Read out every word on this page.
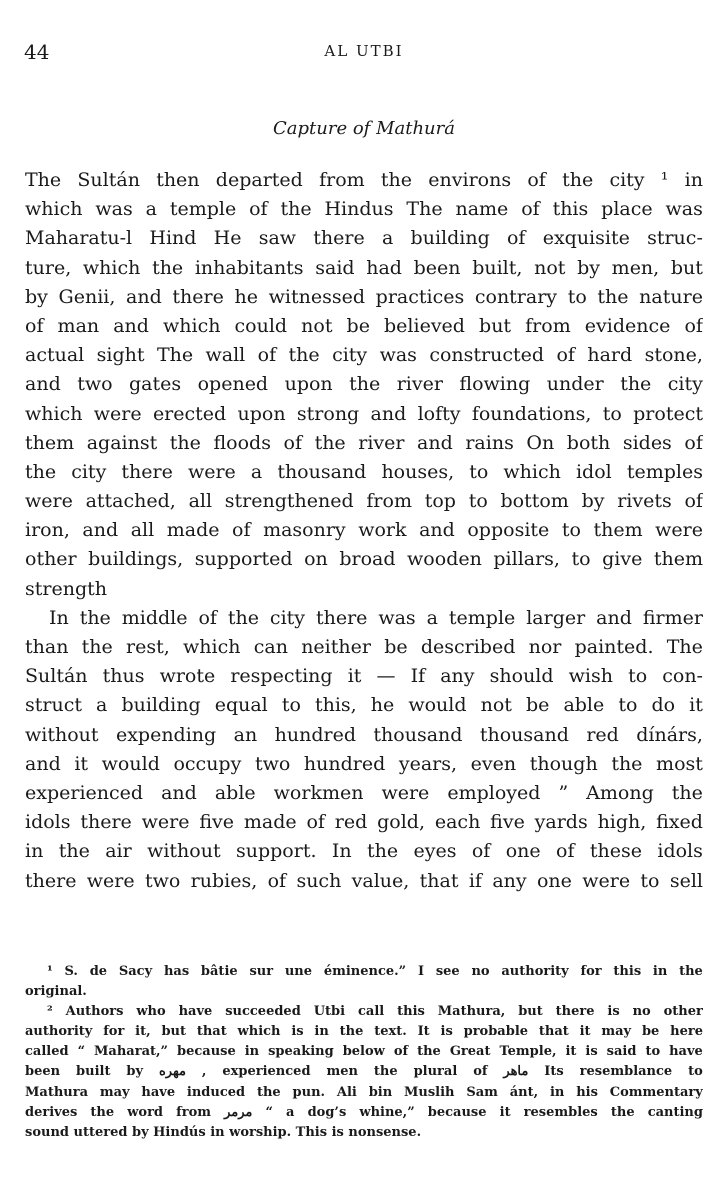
44	AL UTBI
Capture of Mathurá
The Sultán then departed from the environs of the city ¹ in
which was a temple of the Hindus The name of this place was
Maharatu-l Hind He saw there a building of exquisite struc-
ture, which the inhabitants said had been built, not by men, but
by Genii, and there he witnessed practices contrary to the nature
of man and which could not be believed but from evidence of
actual sight The wall of the city was constructed of hard stone,
and two gates opened upon the river flowing under the city
which were erected upon strong and lofty foundations, to protect
them against the floods of the river and rains On both sides of
the city there were a thousand houses, to which idol temples
were attached, all strengthened from top to bottom by rivets of
iron, and all made of masonry work and opposite to them were
other buildings, supported on broad wooden pillars, to give them
strength
In the middle of the city there was a temple larger and firmer
than the rest, which can neither be described nor painted. The
Sultán thus wrote respecting it — If any should wish to con-
struct a building equal to this, he would not be able to do it
without expending an hundred thousand thousand red dínárs,
and it would occupy two hundred years, even though the most
experienced and able workmen were employed ” Among the
idols there were five made of red gold, each five yards high, fixed
in the air without support. In the eyes of one of these idols
there were two rubies, of such value, that if any one were to sell
¹ S. de Sacy has bâtie sur une éminence.” I see no authority for this in the
original.
² Authors who have succeeded Utbi call this Mathura, but there is no other
authority for it, but that which is in the text. It is probable that it may be here
called “ Maharat,” because in speaking below of the Great Temple, it is said to have
been built by مهره , experienced men the plural of ماهر Its resemblance to
Mathura may have induced the pun. Ali bin Muslih Sam ánt, in his Commentary
derives the word from مرمر “ a dog’s whine,” because it resembles the canting
sound uttered by Hindús in worship. This is nonsense.
